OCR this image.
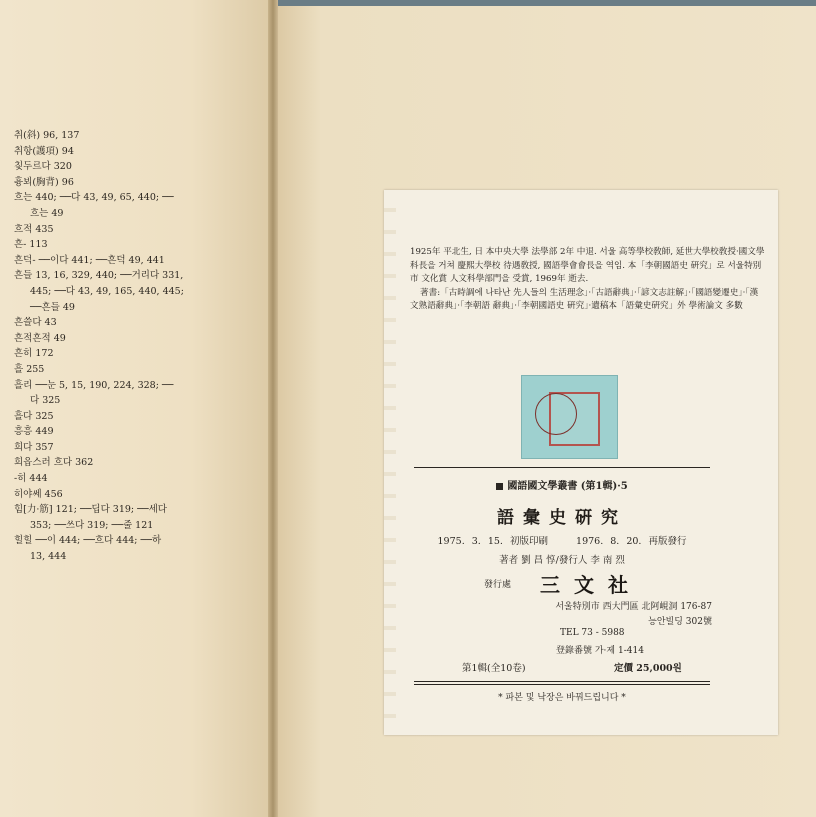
취(斜) 96, 137
취항(護項) 94
칮두르다 320
흉뵈(胸背) 96
흐는 440; ──다 43, 49, 65, 440; ──
흐는 49
흐적 435
흔- 113
흔덕- ──이다 441; ──흔덕 49, 441
흔들 13, 16, 329, 440; ──거리다 331,
445; ──다 43, 49, 165, 440, 445;
──흔들 49
흔쓸다 43
흔적흔적 49
흔히 172
흘 255
흘리 ──눈 5, 15, 190, 224, 328; ──
다 325
흘다 325
흥흥 449
희다 357
희읍스러 흐다 362
-히 444
히야쎄 456
힘[力·筋] 121; ──딥다 319; ──세다
353; ──쓰다 319; ──줄 121
힐힐 ──이 444; ──흐다 444; ──하
13, 444

1925年 平北生, 日 本中央大學 法學部 2年 中退. 서울 高等學校敎師, 延世大學校敎授·國文學科長을 거쳐 慶熙大學校 待遇敎授, 國語學會會長을 역임. 本「李朝國語史 硏究」로 서울特別市 文化賞 人文科學部門을 受賞, 1969年 逝去.

著書:「古時調에 나타난 先人들의 生活理念」·「古語辭典」·「諺文志註解」·「國語變遷史」·「漢文熟語辭典」·「李朝語 辭典」·「李朝國語史 硏究」·遺稿本「語彙史硏究」外 學術論文 多數

國語國文學叢書 (第1輯)·5
語彙史硏究
1975. 3. 15. 初版印刷	1976. 8. 20. 再版發行
著者 劉 昌 惇/發行人 李 南 烈
發行處 三文社
서울特別市 西大門區 北阿峴洞 176-87
능안빌딩 302號
TEL 73 - 5988
登錄番號 가·제 1-414
第1輯(全10卷)	定價 25,000원
* 파본 및 낙장은 바꿔드립니다 *
